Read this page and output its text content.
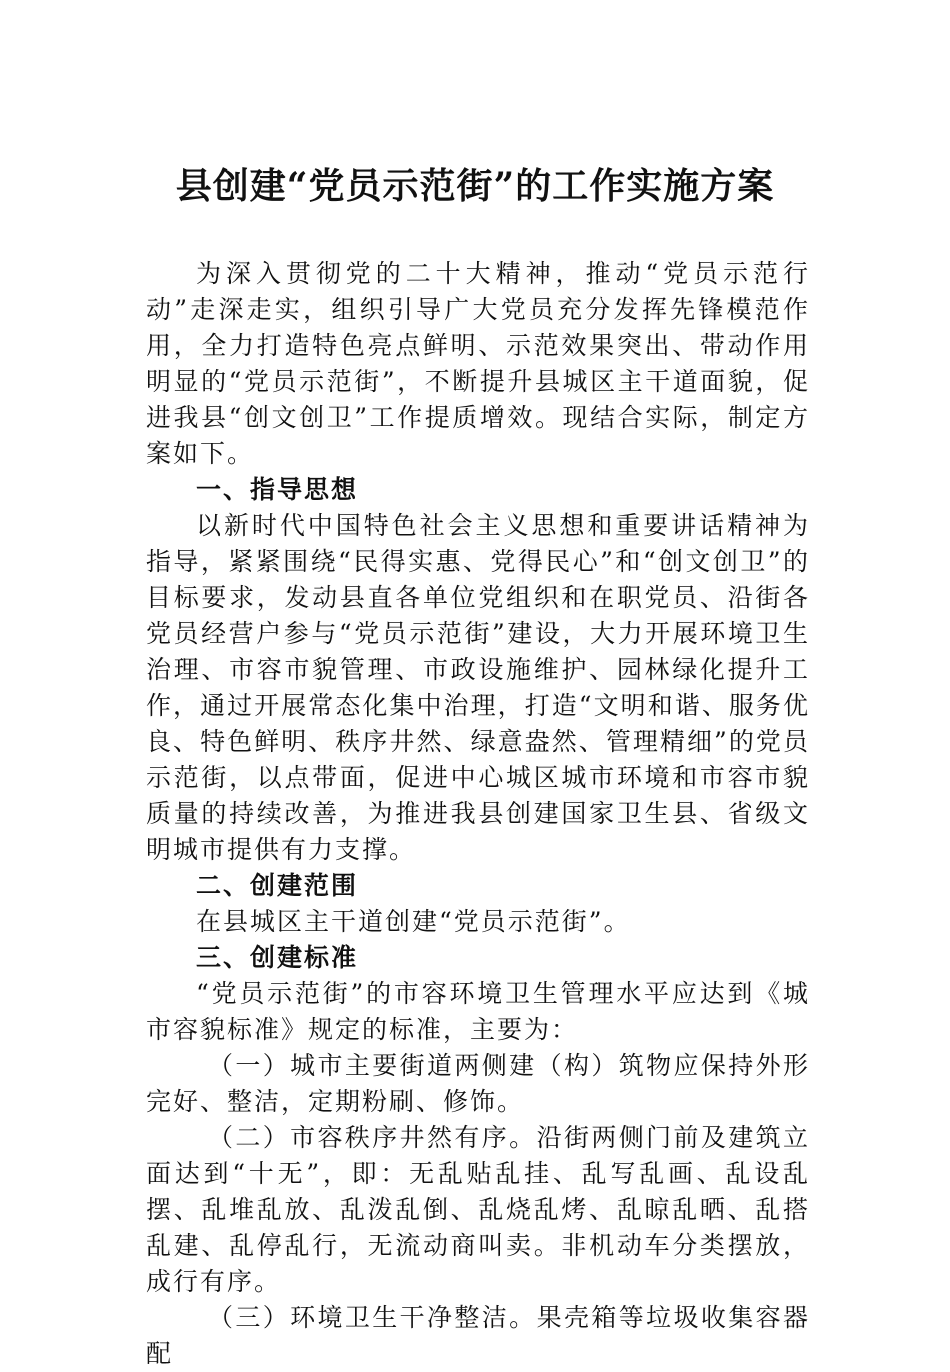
县创建“党员示范街”的工作实施方案

为深入贯彻党的二十大精神，推动“党员示范行动”走深走实，组织引导广大党员充分发挥先锋模范作用，全力打造特色亮点鲜明、示范效果突出、带动作用明显的“党员示范街”，不断提升县城区主干道面貌，促进我县“创文创卫”工作提质增效。现结合实际，制定方案如下。

一、指导思想

以新时代中国特色社会主义思想和重要讲话精神为指导，紧紧围绕“民得实惠、党得民心”和“创文创卫”的目标要求，发动县直各单位党组织和在职党员、沿街各党员经营户参与“党员示范街”建设，大力开展环境卫生治理、市容市貌管理、市政设施维护、园林绿化提升工作，通过开展常态化集中治理，打造“文明和谐、服务优良、特色鲜明、秩序井然、绿意盎然、管理精细”的党员示范街，以点带面，促进中心城区城市环境和市容市貌质量的持续改善，为推进我县创建国家卫生县、省级文明城市提供有力支撑。

二、创建范围

在县城区主干道创建“党员示范街”。

三、创建标准

“党员示范街”的市容环境卫生管理水平应达到《城市容貌标准》规定的标准，主要为：

（一）城市主要街道两侧建（构）筑物应保持外形完好、整洁，定期粉刷、修饰。

（二）市容秩序井然有序。沿街两侧门前及建筑立面达到“十无”，即：无乱贴乱挂、乱写乱画、乱设乱摆、乱堆乱放、乱泼乱倒、乱烧乱烤、乱晾乱晒、乱搭乱建、乱停乱行，无流动商叫卖。非机动车分类摆放，成行有序。

（三）环境卫生干净整洁。果壳箱等垃圾收集容器配
